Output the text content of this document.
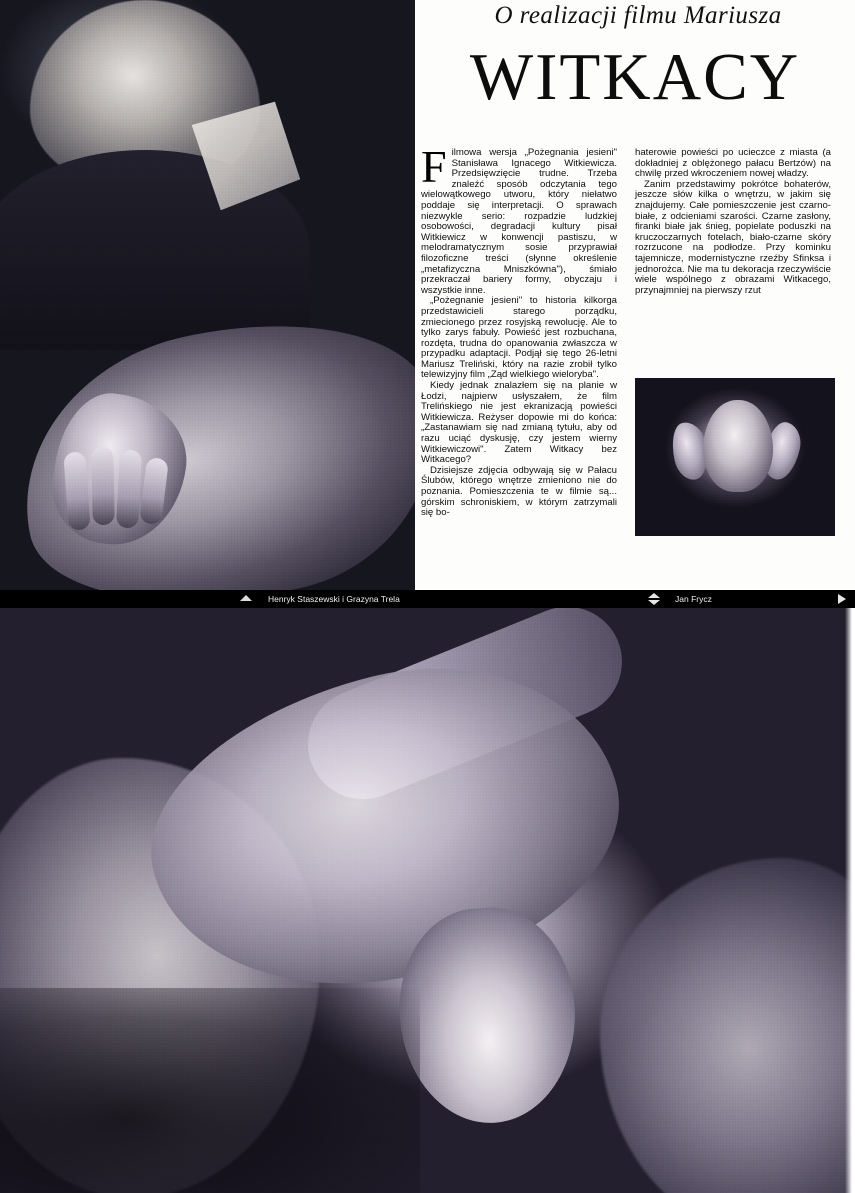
O realizacji filmu Mariusza
WITKACY

Filmowa wersja „Pożegnania jesieni" Stanisława Ignacego Witkiewicza. Przedsięwzięcie trudne. Trzeba znaleźć sposób odczytania tego wielowątkowego utworu, który niełatwo poddaje się interpretacji. O sprawach niezwykle serio: rozpadzie ludzkiej osobowości, degradacji kultury pisał Witkiewicz w konwencji pastiszu, w melodramatycznym sosie przyprawiał filozoficzne treści (słynne określenie „metafizyczna Mniszkówna"), śmiało przekraczał bariery formy, obyczaju i wszystkie inne.

„Pożegnanie jesieni" to historia kilkorga przedstawicieli starego porządku, zmiecionego przez rosyjską rewolucję. Ale to tylko zarys fabuły. Powieść jest rozbuchana, rozdęta, trudna do opanowania zwłaszcza w przypadku adaptacji. Podjął się tego 26-letni Mariusz Treliński, który na razie zrobił tylko telewizyjny film „Ząd wielkiego wieloryba".

Kiedy jednak znalazłem się na planie w Łodzi, najpierw usłyszałem, że film Trelińskiego nie jest ekranizacją powieści Witkiewicza. Reżyser dopowie mi do końca: „Zastanawiam się nad zmianą tytułu, aby od razu uciąć dyskusję, czy jestem wierny Witkiewiczowi". Zatem Witkacy bez Witkacego?

Dzisiejsze zdjęcia odbywają się w Pałacu Ślubów, którego wnętrze zmieniono nie do poznania. Pomieszczenia te w filmie są... górskim schroniskiem, w którym zatrzymali się bo-

haterowie powieści po ucieczce z miasta (a dokładniej z oblężonego pałacu Bertzów) na chwilę przed wkroczeniem nowej władzy.

Zanim przedstawimy pokrótce bohaterów, jeszcze słów kilka o wnętrzu, w jakim się znajdujemy. Całe pomieszczenie jest czarno-białe, z odcieniami szarości. Czarne zasłony, firanki białe jak śnieg, popielate poduszki na kruczoczarnych fotelach, biało-czarne skóry rozrzucone na podłodze. Przy kominku tajemnicze, modernistyczne rzeźby Sfinksa i jednorożca. Nie ma tu dekoracja rzeczywiście wiele wspólnego z obrazami Witkacego, przynajmniej na pierwszy rzut

Henryk Staszewski i Grazyna Trela	Jan Frycz
